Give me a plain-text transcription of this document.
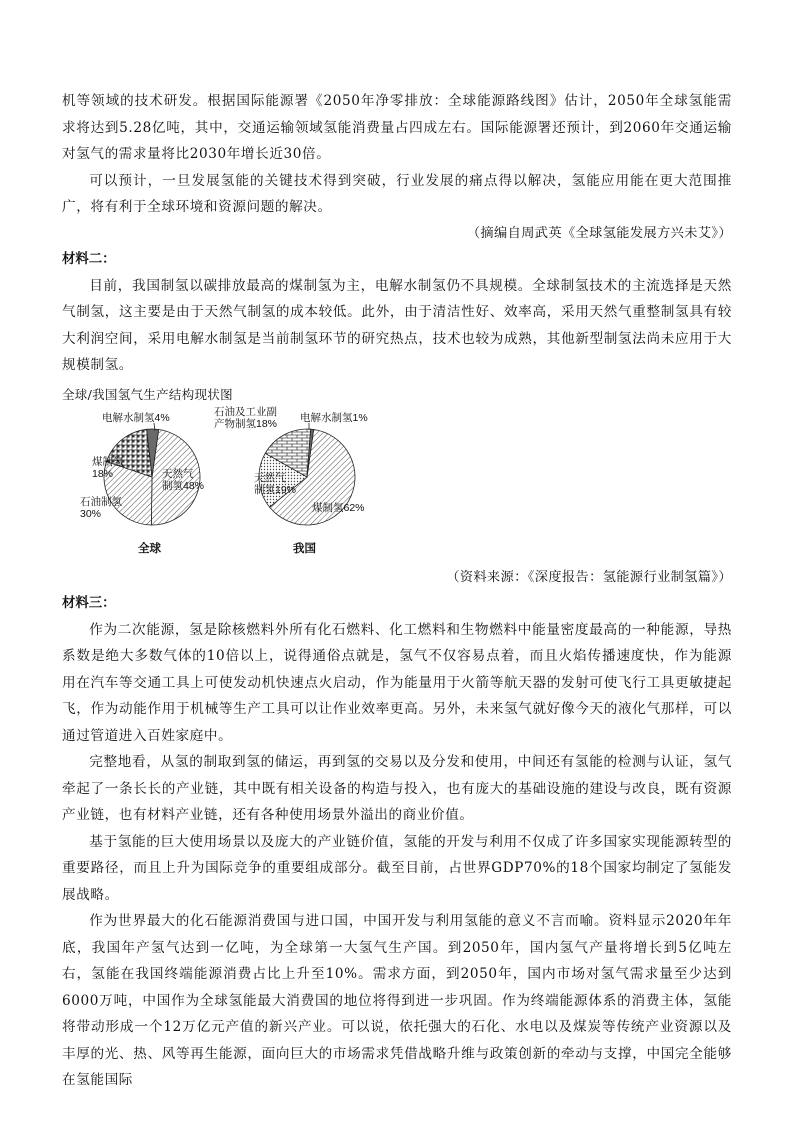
机等领域的技术研发。根据国际能源署《2050年净零排放：全球能源路线图》估计，2050年全球氢能需求将达到5.28亿吨，其中，交通运输领域氢能消费量占四成左右。国际能源署还预计，到2060年交通运输对氢气的需求量将比2030年增长近30倍。

可以预计，一旦发展氢能的关键技术得到突破，行业发展的痛点得以解决，氢能应用能在更大范围推广，将有利于全球环境和资源问题的解决。

（摘编自周武英《全球氢能发展方兴未艾》）
材料二：

目前，我国制氢以碳排放最高的煤制氢为主，电解水制氢仍不具规模。全球制氢技术的主流选择是天然气制氢，这主要是由于天然气制氢的成本较低。此外，由于清洁性好、效率高，采用天然气重整制氢具有较大利润空间，采用电解水制氢是当前制氢环节的研究热点，技术也较为成熟，其他新型制氢法尚未应用于大规模制氢。

全球/我国氢气生产结构现状图
天然气制氢48%
石油制氢 30%
煤制氢 18%
电解水制氢4%
全球
煤制氢62%
天然气制氢19%
石油及工业副产物制氢18% 电解水制氢1%
我国
（资料来源：《深度报告：氢能源行业制氢篇》）
材料三：

作为二次能源，氢是除核燃料外所有化石燃料、化工燃料和生物燃料中能量密度最高的一种能源，导热系数是绝大多数气体的10倍以上，说得通俗点就是，氢气不仅容易点着，而且火焰传播速度快，作为能源用在汽车等交通工具上可使发动机快速点火启动，作为能量用于火箭等航天器的发射可使飞行工具更敏捷起飞，作为动能作用于机械等生产工具可以让作业效率更高。另外，未来氢气就好像今天的液化气那样，可以通过管道进入百姓家庭中。

完整地看，从氢的制取到氢的储运，再到氢的交易以及分发和使用，中间还有氢能的检测与认证，氢气牵起了一条长长的产业链，其中既有相关设备的构造与投入，也有庞大的基础设施的建设与改良，既有资源产业链，也有材料产业链，还有各种使用场景外溢出的商业价值。

基于氢能的巨大使用场景以及庞大的产业链价值，氢能的开发与利用不仅成了许多国家实现能源转型的重要路径，而且上升为国际竞争的重要组成部分。截至目前，占世界GDP70%的18个国家均制定了氢能发展战略。

作为世界最大的化石能源消费国与进口国，中国开发与利用氢能的意义不言而喻。资料显示2020年年底，我国年产氢气达到一亿吨，为全球第一大氢气生产国。到2050年，国内氢气产量将增长到5亿吨左右，氢能在我国终端能源消费占比上升至10%。需求方面，到2050年，国内市场对氢气需求量至少达到6000万吨，中国作为全球氢能最大消费国的地位将得到进一步巩固。作为终端能源体系的消费主体，氢能将带动形成一个12万亿元产值的新兴产业。可以说，依托强大的石化、水电以及煤炭等传统产业资源以及丰厚的光、热、风等再生能源，面向巨大的市场需求凭借战略升维与政策创新的牵动与支撑，中国完全能够在氢能国际
